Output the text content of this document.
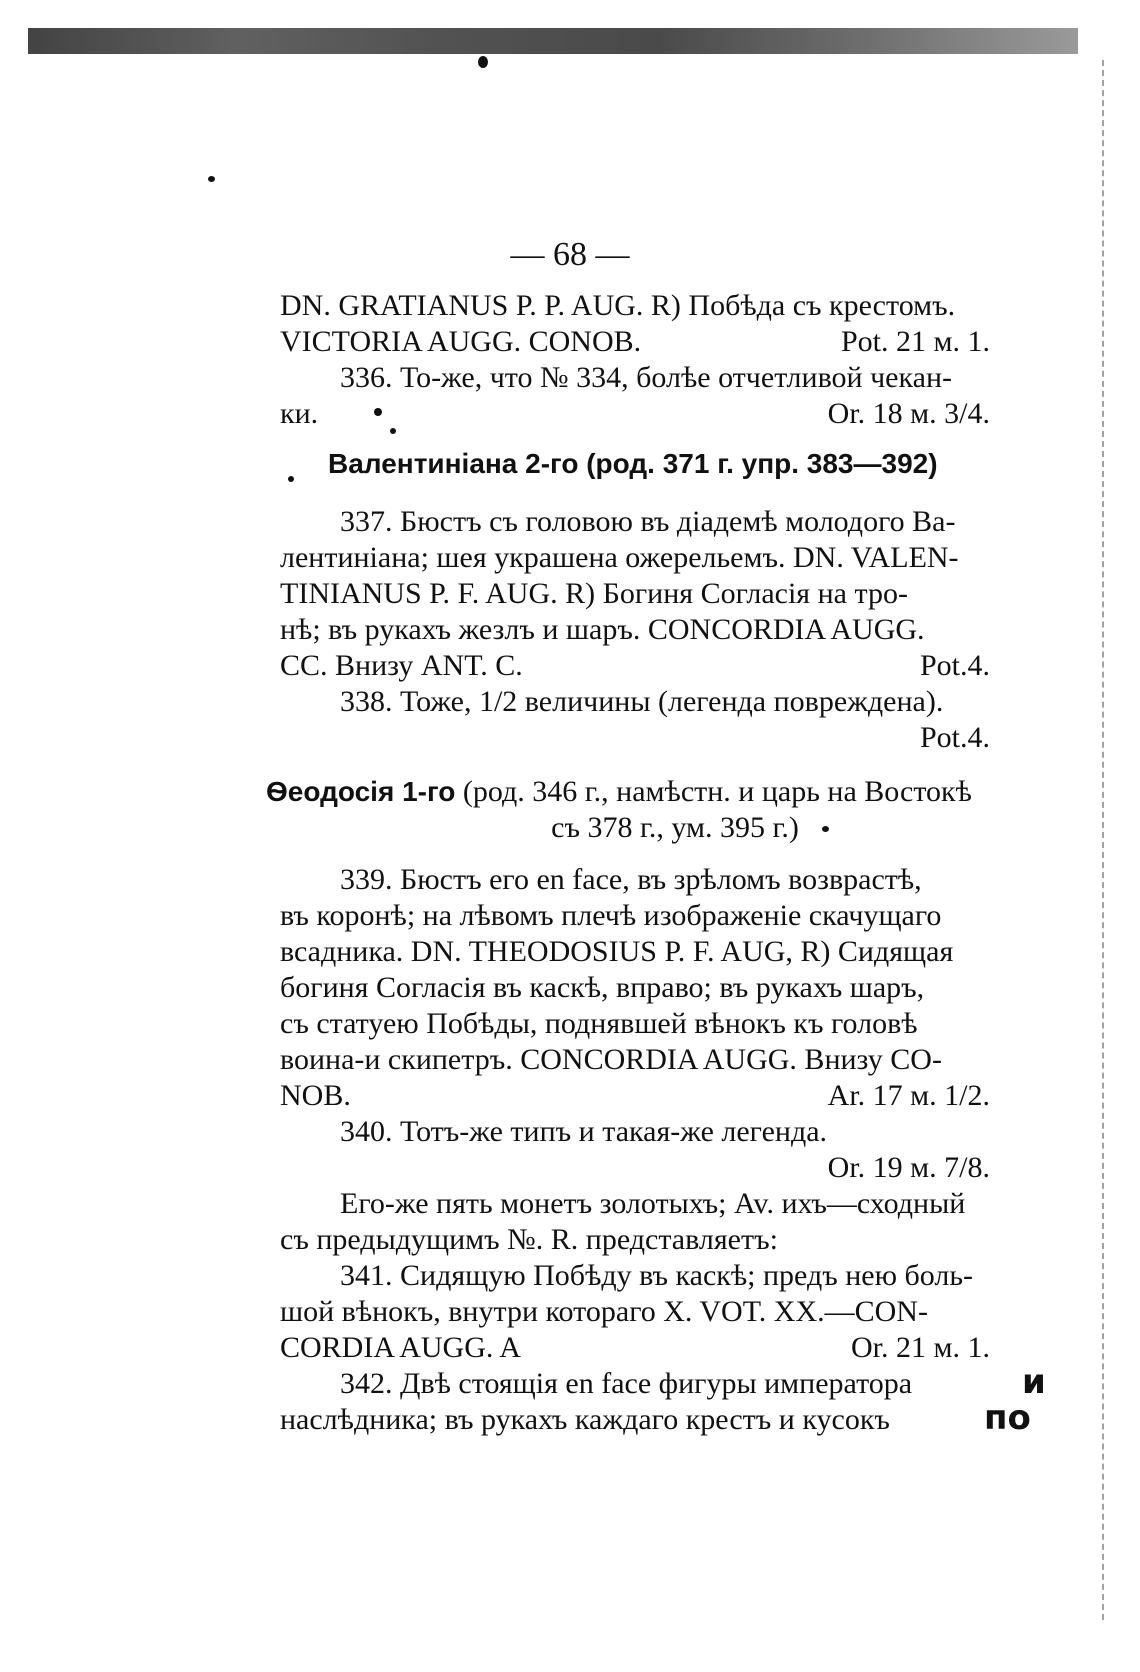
— 68 —
DN. GRATIANUS P. P. AUG. R) Побѣда съ крестомъ.
VICTORIA AUGG. CONOB.	Pot. 21 м. 1.
336. То-же, что № 334, болѣе отчетливой чекан-
ки.	Or. 18 м. 3/4.
Валентиніана 2-го (род. 371 г. упр. 383—392)
337. Бюстъ съ головою въ діадемѣ молодого Ва-
лентиніана; шея украшена ожерельемъ. DN. VALEN-
TINIANUS P. F. AUG. R) Богиня Согласія на тро-
нѣ; въ рукахъ жезлъ и шаръ. CONCORDIA AUGG.
CC. Внизу ANT. C.	Pot.4.
338. Тоже, 1/2 величины (легенда повреждена).
Pot.4.
Ѳеодосія 1-го (род. 346 г., намѣстн. и царь на Востокѣ
съ 378 г., ум. 395 г.)
339. Бюстъ его en face, въ зрѣломъ возврастѣ,
въ коронѣ; на лѣвомъ плечѣ изображеніе скачущаго
всадника. DN. THEODOSIUS P. F. AUG, R) Сидящая
богиня Согласія въ каскѣ, вправо; въ рукахъ шаръ,
съ статуею Побѣды, поднявшей вѣнокъ къ головѣ
воина-и скипетръ. CONCORDIA AUGG. Внизу CO-
NOB.	Ar. 17 м. 1/2.
340. Тотъ-же типъ и такая-же легенда.
Or. 19 м. 7/8.
Его-же пять монетъ золотыхъ; Av. ихъ—сходный
съ предыдущимъ №. R. представляетъ:
341. Сидящую Побѣду въ каскѣ; предъ нею боль-
шой вѣнокъ, внутри котораго X. VOT. XX.—CON-
CORDIA AUGG. A	Or. 21 м. 1.
342. Двѣ стоящія en face фигуры императора
наслѣдника; въ рукахъ каждаго крестъ и кусокъ
и
по
